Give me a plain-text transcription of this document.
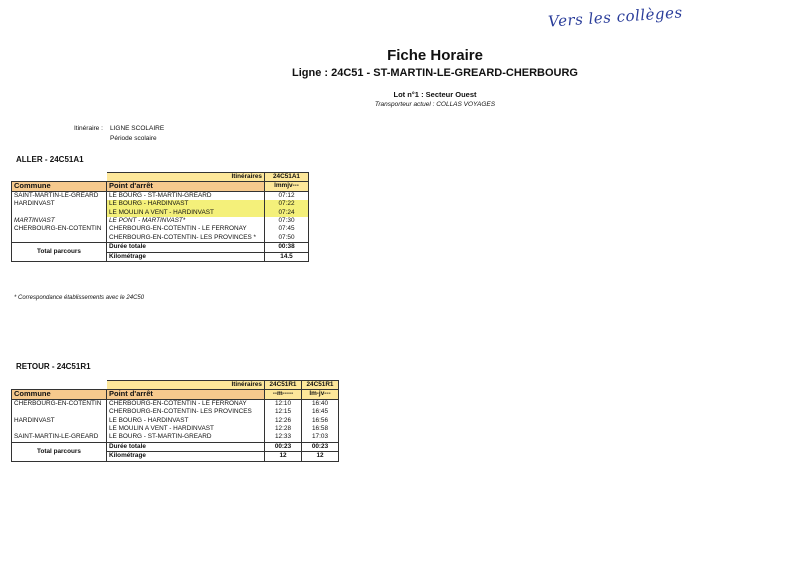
Vers les collèges
Fiche Horaire
Ligne : 24C51 - ST-MARTIN-LE-GREARD-CHERBOURG
Lot n°1 : Secteur Ouest
Transporteur actuel : COLLAS VOYAGES
Itinéraire : LIGNE SCOLAIRE
Période scolaire
ALLER - 24C51A1
	Itinéraires	24C51A1
Commune	Point d'arrêt	lmmjv---
SAINT-MARTIN-LE-GREARD	LE BOURG - ST-MARTIN-GREARD	07:12
HARDINVAST	LE BOURG - HARDINVAST	07:22
	LE MOULIN A VENT - HARDINVAST	07:24
MARTINVAST	LE PONT - MARTINVAST*	07:30
CHERBOURG-EN-COTENTIN	CHERBOURG-EN-COTENTIN - LE FERRONAY	07:45
	CHERBOURG-EN-COTENTIN- LES PROVINCES *	07:50
Total parcours	Durée totale	00:38
	Kilométrage	14.5
* Correspondance établissements avec le 24C50
RETOUR - 24C51R1
	Itinéraires	24C51R1	24C51R1
Commune	Point d'arrêt	--m-----	lm-jv---
CHERBOURG-EN-COTENTIN	CHERBOURG-EN-COTENTIN - LE FERRONAY	12:10	16:40
	CHERBOURG-EN-COTENTIN- LES PROVINCES	12:15	16:45
HARDINVAST	LE BOURG - HARDINVAST	12:26	16:56
	LE MOULIN A VENT - HARDINVAST	12:28	16:58
SAINT-MARTIN-LE-GREARD	LE BOURG - ST-MARTIN-GREARD	12:33	17:03
Total parcours	Durée totale	00:23	00:23
	Kilométrage	12	12
